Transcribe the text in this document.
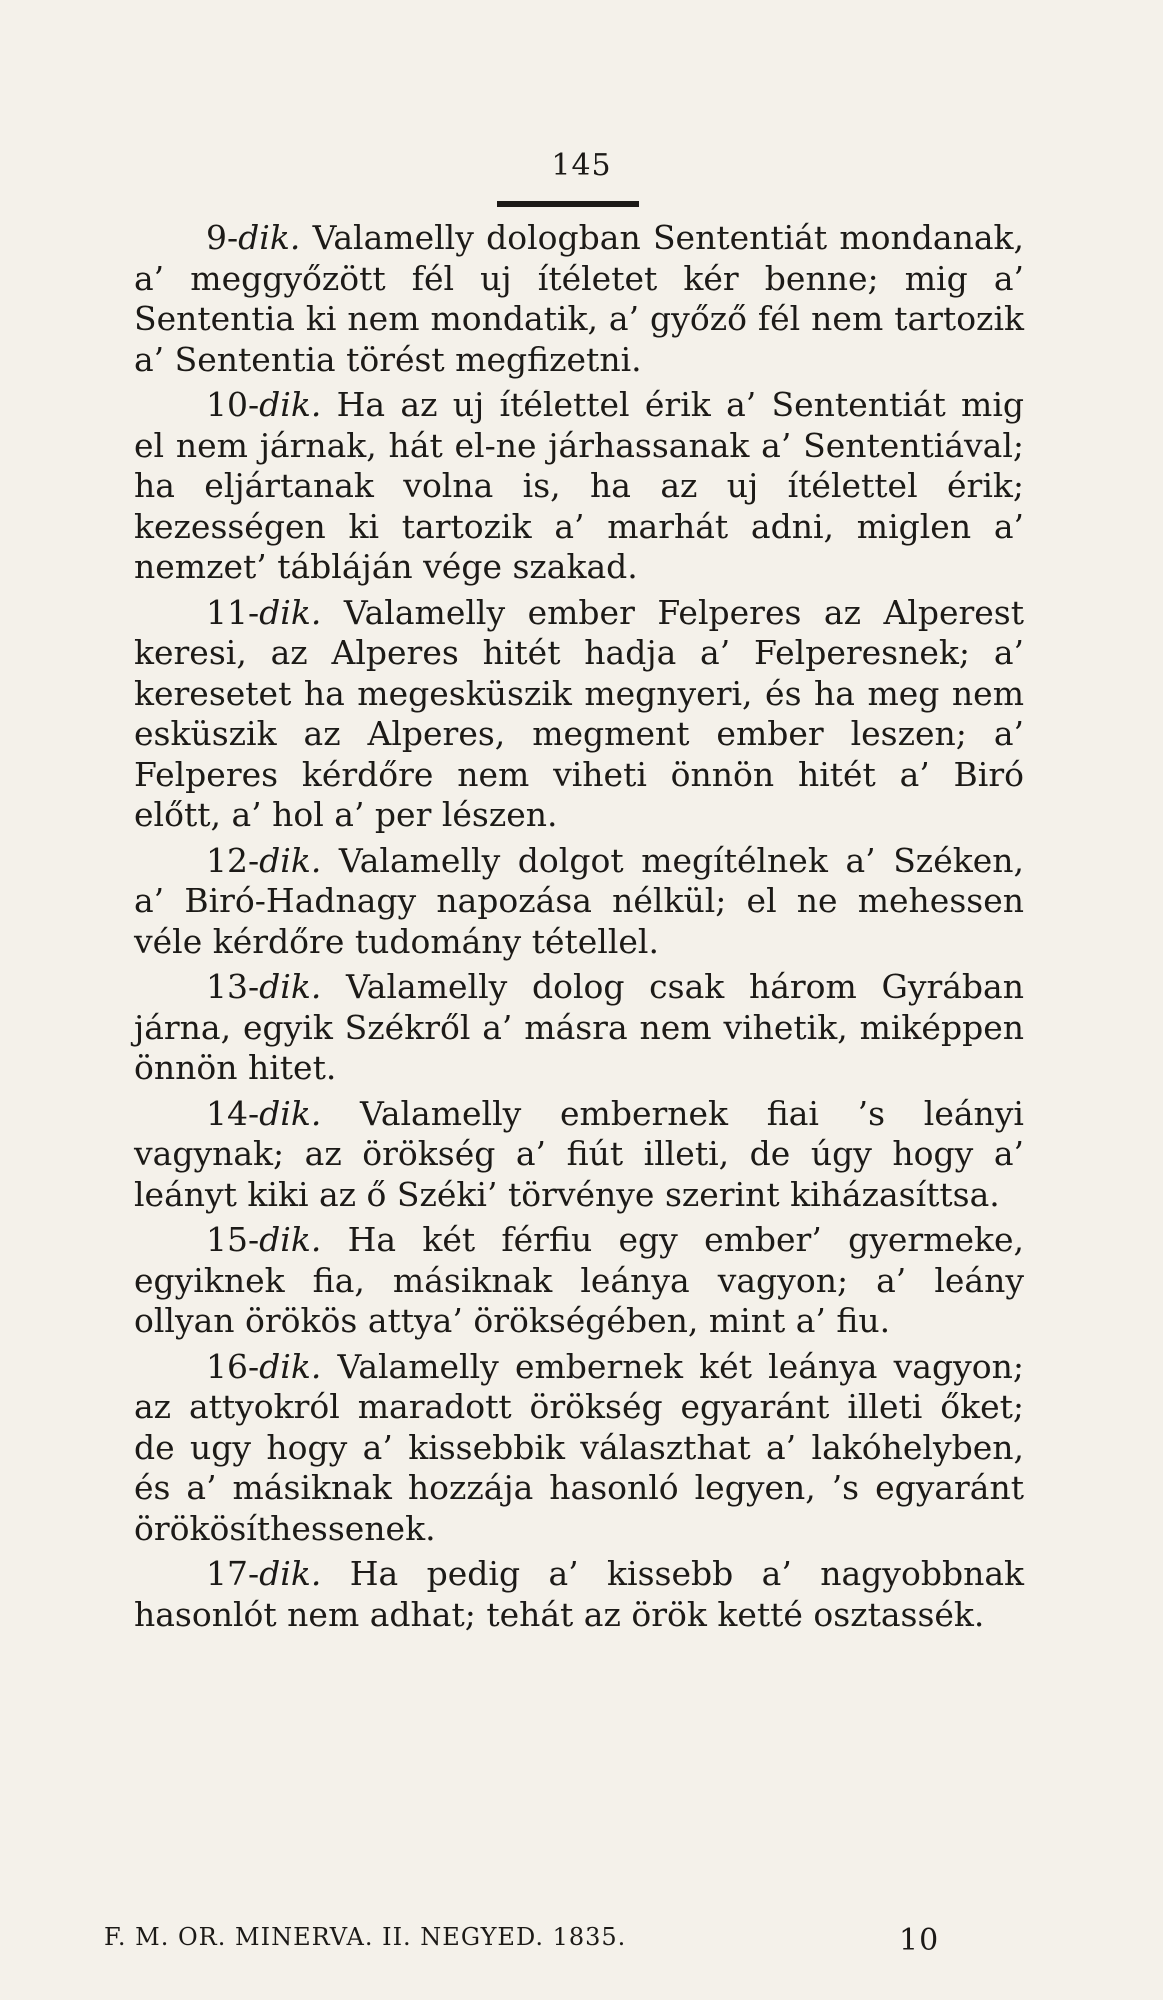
145

9-dik. Valamelly dologban Sententiát mondanak, a’ meggyőzött fél uj ítéletet kér benne; mig a’ Sententia ki nem mondatik, a’ győző fél nem tartozik a’ Sententia törést megfizetni.

10-dik. Ha az uj ítélettel érik a’ Sententiát mig el nem járnak, hát el-ne járhassanak a’ Sententiával; ha eljártanak volna is, ha az uj ítélettel érik; kezességen ki tartozik a’ marhát adni, miglen a’ nemzet’ tábláján vége szakad.

11-dik. Valamelly ember Felperes az Alperest keresi, az Alperes hitét hadja a’ Felperesnek; a’ keresetet ha megesküszik megnyeri, és ha meg nem esküszik az Alperes, megment ember leszen; a’ Felperes kérdőre nem viheti önnön hitét a’ Biró előtt, a’ hol a’ per lészen.

12-dik. Valamelly dolgot megítélnek a’ Széken, a’ Biró-Hadnagy napozása nélkül; el ne mehessen véle kérdőre tudomány tétellel.

13-dik. Valamelly dolog csak három Gyrában járna, egyik Székről a’ másra nem vihetik, miképpen önnön hitet.

14-dik. Valamelly embernek fiai ’s leányi vagynak; az örökség a’ fiút illeti, de úgy hogy a’ leányt kiki az ő Széki’ törvénye szerint kiházasíttsa.

15-dik. Ha két férfiu egy ember’ gyermeke, egyiknek fia, másiknak leánya vagyon; a’ leány ollyan örökös attya’ örökségében, mint a’ fiu.

16-dik. Valamelly embernek két leánya vagyon; az attyokról maradott örökség egyaránt illeti őket; de ugy hogy a’ kissebbik választhat a’ lakóhelyben, és a’ másiknak hozzája hasonló legyen, ’s egyaránt örökösíthessenek.

17-dik. Ha pedig a’ kissebb a’ nagyobbnak hasonlót nem adhat; tehát az örök ketté osztassék.

F. M. OR. MINERVA. II. NEGYED. 1835.	10
